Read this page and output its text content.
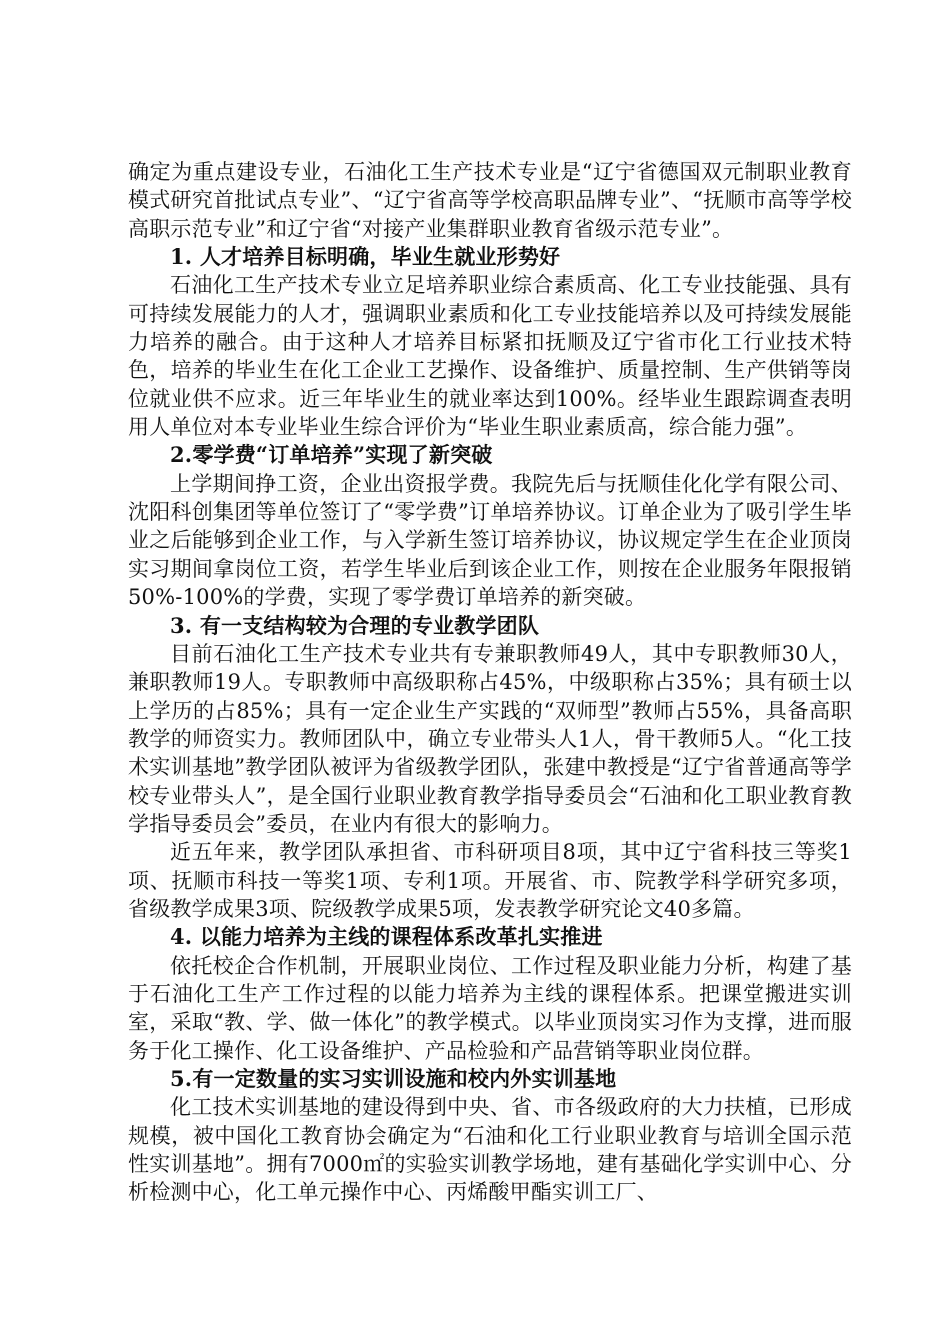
确定为重点建设专业，石油化工生产技术专业是“辽宁省德国双元制职业教育模式研究首批试点专业”、“辽宁省高等学校高职品牌专业”、“抚顺市高等学校高职示范专业”和辽宁省“对接产业集群职业教育省级示范专业”。

1. 人才培养目标明确，毕业生就业形势好

石油化工生产技术专业立足培养职业综合素质高、化工专业技能强、具有可持续发展能力的人才，强调职业素质和化工专业技能培养以及可持续发展能力培养的融合。由于这种人才培养目标紧扣抚顺及辽宁省市化工行业技术特色，培养的毕业生在化工企业工艺操作、设备维护、质量控制、生产供销等岗位就业供不应求。近三年毕业生的就业率达到100%。经毕业生跟踪调查表明用人单位对本专业毕业生综合评价为“毕业生职业素质高，综合能力强”。

2.零学费“订单培养”实现了新突破

上学期间挣工资，企业出资报学费。我院先后与抚顺佳化化学有限公司、沈阳科创集团等单位签订了“零学费”订单培养协议。订单企业为了吸引学生毕业之后能够到企业工作，与入学新生签订培养协议，协议规定学生在企业顶岗实习期间拿岗位工资，若学生毕业后到该企业工作，则按在企业服务年限报销50%-100%的学费，实现了零学费订单培养的新突破。

3. 有一支结构较为合理的专业教学团队

目前石油化工生产技术专业共有专兼职教师49人，其中专职教师30人，兼职教师19人。专职教师中高级职称占45%，中级职称占35%；具有硕士以上学历的占85%；具有一定企业生产实践的“双师型”教师占55%，具备高职教学的师资实力。教师团队中，确立专业带头人1人，骨干教师5人。“化工技术实训基地”教学团队被评为省级教学团队，张建中教授是“辽宁省普通高等学校专业带头人”，是全国行业职业教育教学指导委员会“石油和化工职业教育教学指导委员会”委员，在业内有很大的影响力。

近五年来，教学团队承担省、市科研项目8项，其中辽宁省科技三等奖1项、抚顺市科技一等奖1项、专利1项。开展省、市、院教学科学研究多项，省级教学成果3项、院级教学成果5项，发表教学研究论文40多篇。

4. 以能力培养为主线的课程体系改革扎实推进

依托校企合作机制，开展职业岗位、工作过程及职业能力分析，构建了基于石油化工生产工作过程的以能力培养为主线的课程体系。把课堂搬进实训室，采取“教、学、做一体化”的教学模式。以毕业顶岗实习作为支撑，进而服务于化工操作、化工设备维护、产品检验和产品营销等职业岗位群。

5.有一定数量的实习实训设施和校内外实训基地

化工技术实训基地的建设得到中央、省、市各级政府的大力扶植，已形成规模，被中国化工教育协会确定为“石油和化工行业职业教育与培训全国示范性实训基地”。拥有7000㎡的实验实训教学场地，建有基础化学实训中心、分析检测中心，化工单元操作中心、丙烯酸甲酯实训工厂、
